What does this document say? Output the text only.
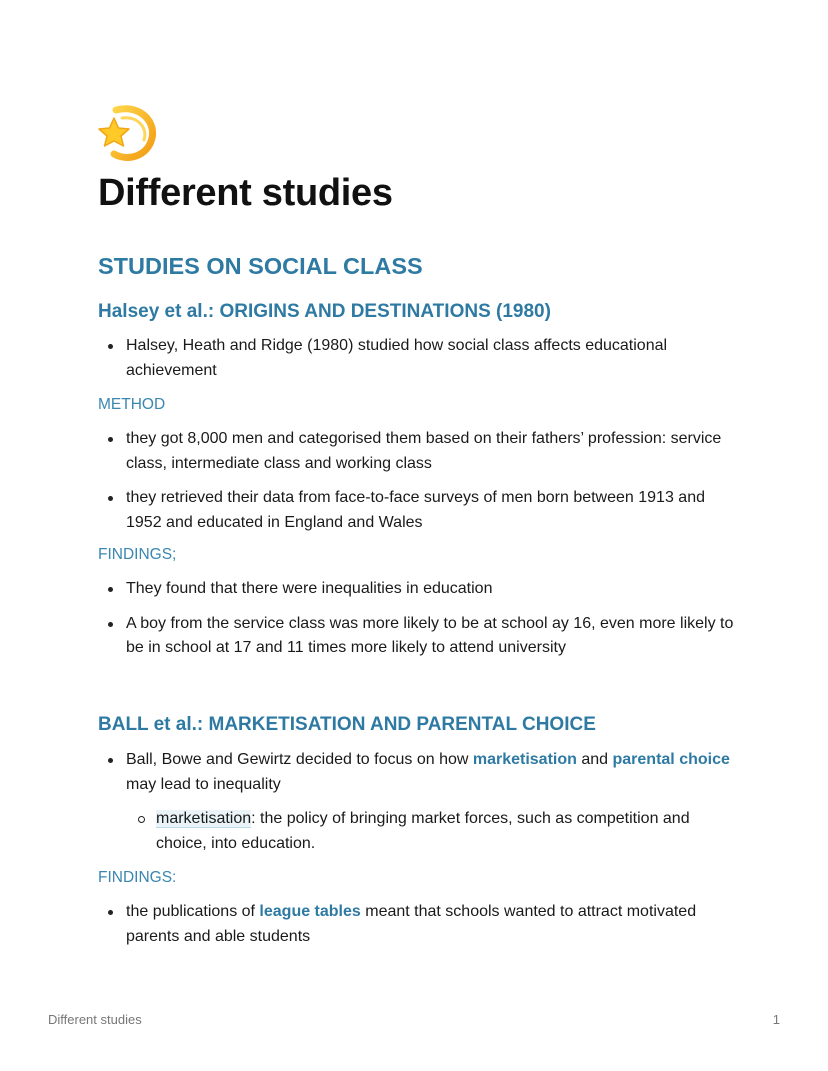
Different studies
STUDIES ON SOCIAL CLASS
Halsey et al.: ORIGINS AND DESTINATIONS (1980)
Halsey, Heath and Ridge (1980) studied how social class affects educational achievement

METHOD

they got 8,000 men and categorised them based on their fathers’ profession: service class, intermediate class and working class
they retrieved their data from face-to-face surveys of men born between 1913 and 1952 and educated in England and Wales

FINDINGS;

They found that there were inequalities in education
A boy from the service class was more likely to be at school ay 16, even more likely to be in school at 17 and 11 times more likely to attend university
BALL et al.: MARKETISATION AND PARENTAL CHOICE
Ball, Bowe and Gewirtz decided to focus on how marketisation and parental choice may lead to inequality
marketisation: the policy of bringing market forces, such as competition and choice, into education.

FINDINGS:

the publications of league tables meant that schools wanted to attract motivated parents and able students
Different studies	1
